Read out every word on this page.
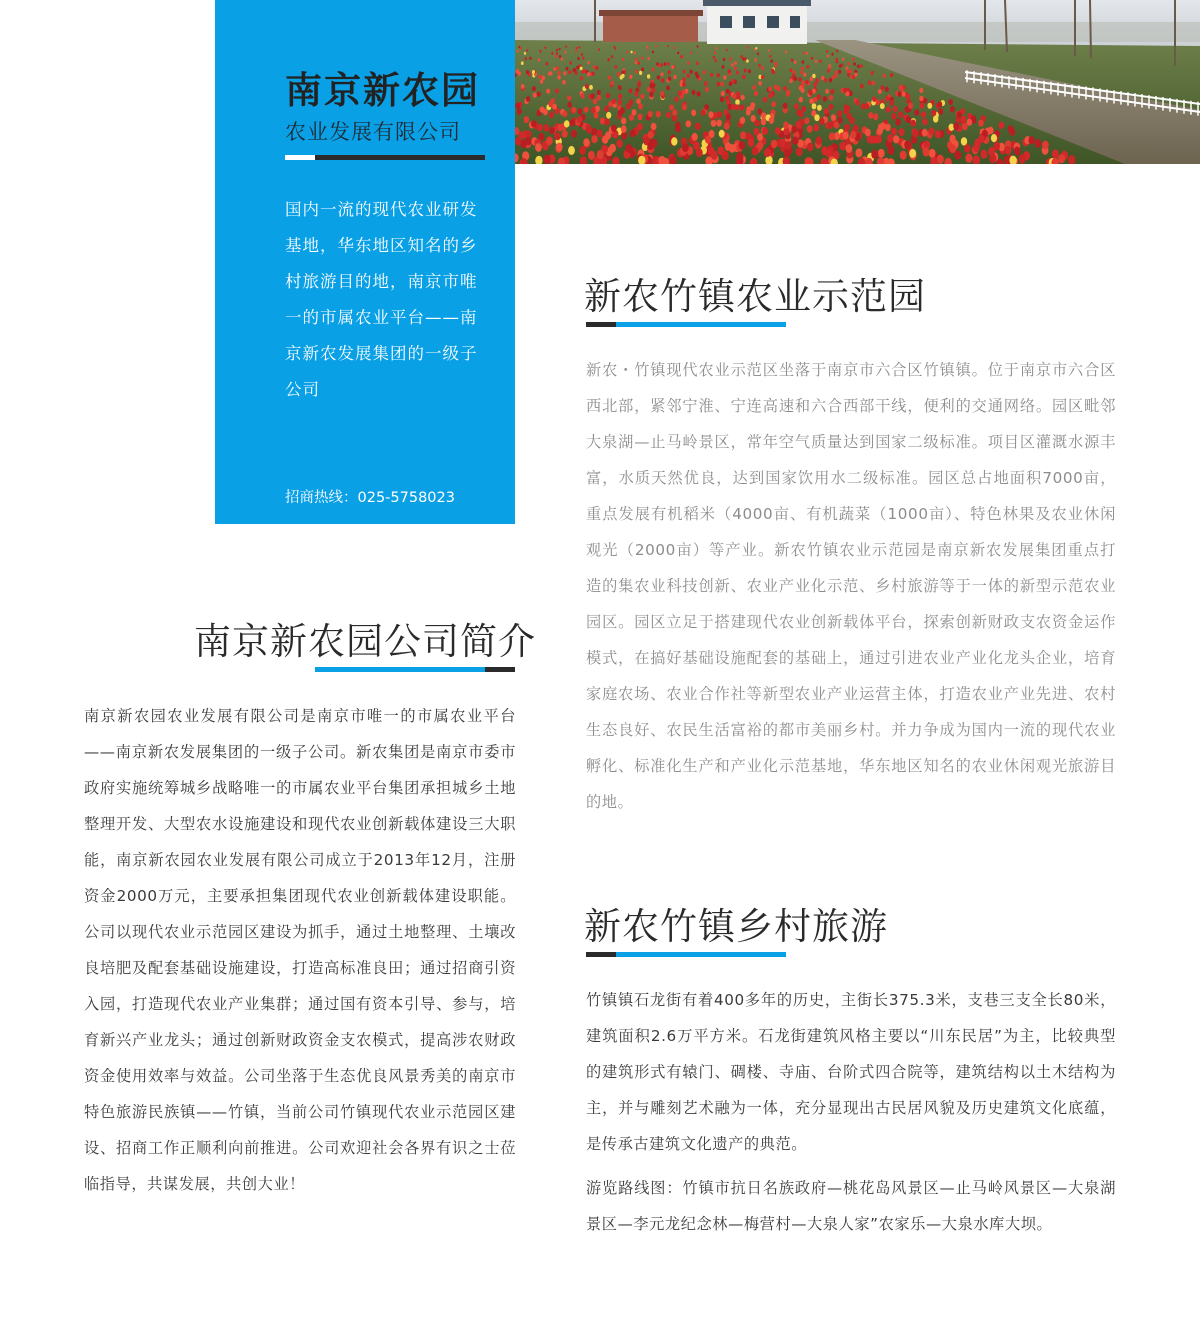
南京新农园
农业发展有限公司
国内一流的现代农业研发基地，华东地区知名的乡村旅游目的地，南京市唯一的市属农业平台——南京新农发展集团的一级子公司
招商热线：025-5758023
新农竹镇农业示范园
新农・竹镇现代农业示范区坐落于南京市六合区竹镇镇。位于南京市六合区西北部，紧邻宁淮、宁连高速和六合西部干线，便利的交通网络。园区毗邻大泉湖—止马岭景区，常年空气质量达到国家二级标准。项目区灌溉水源丰富，水质天然优良，达到国家饮用水二级标准。园区总占地面积7000亩，重点发展有机稻米（4000亩、有机蔬菜（1000亩）、特色林果及农业休闲观光（2000亩）等产业。新农竹镇农业示范园是南京新农发展集团重点打造的集农业科技创新、农业产业化示范、乡村旅游等于一体的新型示范农业园区。园区立足于搭建现代农业创新载体平台，探索创新财政支农资金运作模式，在搞好基础设施配套的基础上，通过引进农业产业化龙头企业，培育家庭农场、农业合作社等新型农业产业运营主体，打造农业产业先进、农村生态良好、农民生活富裕的都市美丽乡村。并力争成为国内一流的现代农业孵化、标准化生产和产业化示范基地，华东地区知名的农业休闲观光旅游目的地。
南京新农园公司简介
南京新农园农业发展有限公司是南京市唯一的市属农业平台——南京新农发展集团的一级子公司。新农集团是南京市委市政府实施统筹城乡战略唯一的市属农业平台集团承担城乡土地整理开发、大型农水设施建设和现代农业创新载体建设三大职能，南京新农园农业发展有限公司成立于2013年12月，注册资金2000万元，主要承担集团现代农业创新载体建设职能。公司以现代农业示范园区建设为抓手，通过土地整理、土壤改良培肥及配套基础设施建设，打造高标准良田；通过招商引资入园，打造现代农业产业集群；通过国有资本引导、参与，培育新兴产业龙头；通过创新财政资金支农模式，提高涉农财政资金使用效率与效益。公司坐落于生态优良风景秀美的南京市特色旅游民族镇——竹镇，当前公司竹镇现代农业示范园区建设、招商工作正顺利向前推进。公司欢迎社会各界有识之士莅临指导，共谋发展，共创大业！
新农竹镇乡村旅游
竹镇镇石龙街有着400多年的历史，主街长375.3米，支巷三支全长80米，建筑面积2.6万平方米。石龙街建筑风格主要以“川东民居”为主，比较典型的建筑形式有辕门、碉楼、寺庙、台阶式四合院等，建筑结构以土木结构为主，并与雕刻艺术融为一体，充分显现出古民居风貌及历史建筑文化底蕴，是传承古建筑文化遗产的典范。
游览路线图：竹镇市抗日名族政府—桃花岛风景区—止马岭风景区—大泉湖景区—李元龙纪念林—梅营村—大泉人家”农家乐—大泉水库大坝。
